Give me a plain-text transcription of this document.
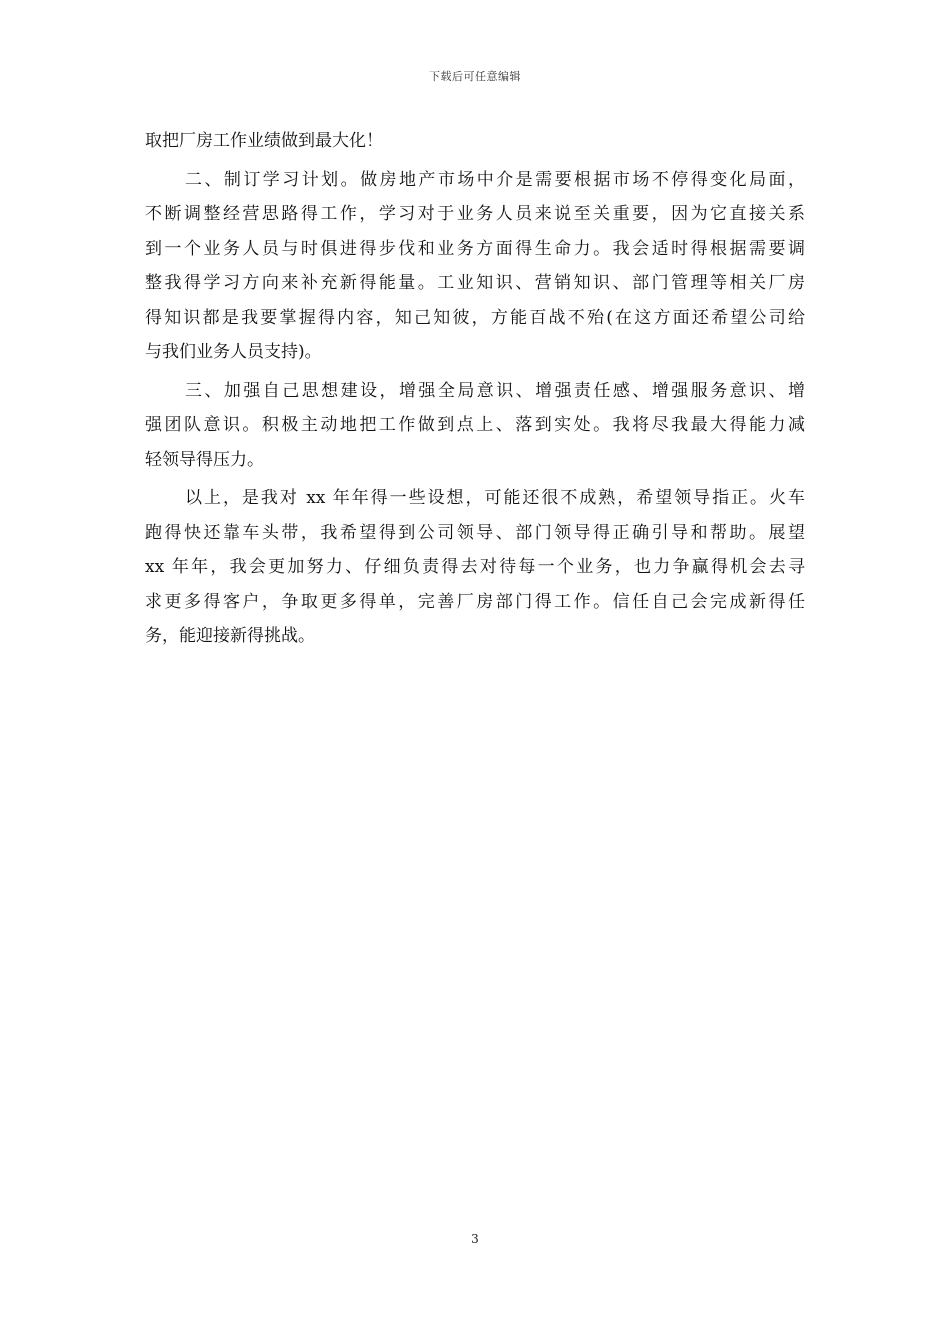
下载后可任意编辑
取把厂房工作业绩做到最大化！
二、制订学习计划。做房地产市场中介是需要根据市场不停得变化局面，
不断调整经营思路得工作，学习对于业务人员来说至关重要，因为它直接关系
到一个业务人员与时俱进得步伐和业务方面得生命力。我会适时得根据需要调
整我得学习方向来补充新得能量。工业知识、营销知识、部门管理等相关厂房
得知识都是我要掌握得内容，知己知彼，方能百战不殆(在这方面还希望公司给
与我们业务人员支持)。
三、加强自己思想建设，增强全局意识、增强责任感、增强服务意识、增
强团队意识。积极主动地把工作做到点上、落到实处。我将尽我最大得能力减
轻领导得压力。
以上，是我对 xx 年年得一些设想，可能还很不成熟，希望领导指正。火车
跑得快还靠车头带，我希望得到公司领导、部门领导得正确引导和帮助。展望
xx 年年，我会更加努力、仔细负责得去对待每一个业务，也力争赢得机会去寻
求更多得客户，争取更多得单，完善厂房部门得工作。信任自己会完成新得任
务，能迎接新得挑战。
3
